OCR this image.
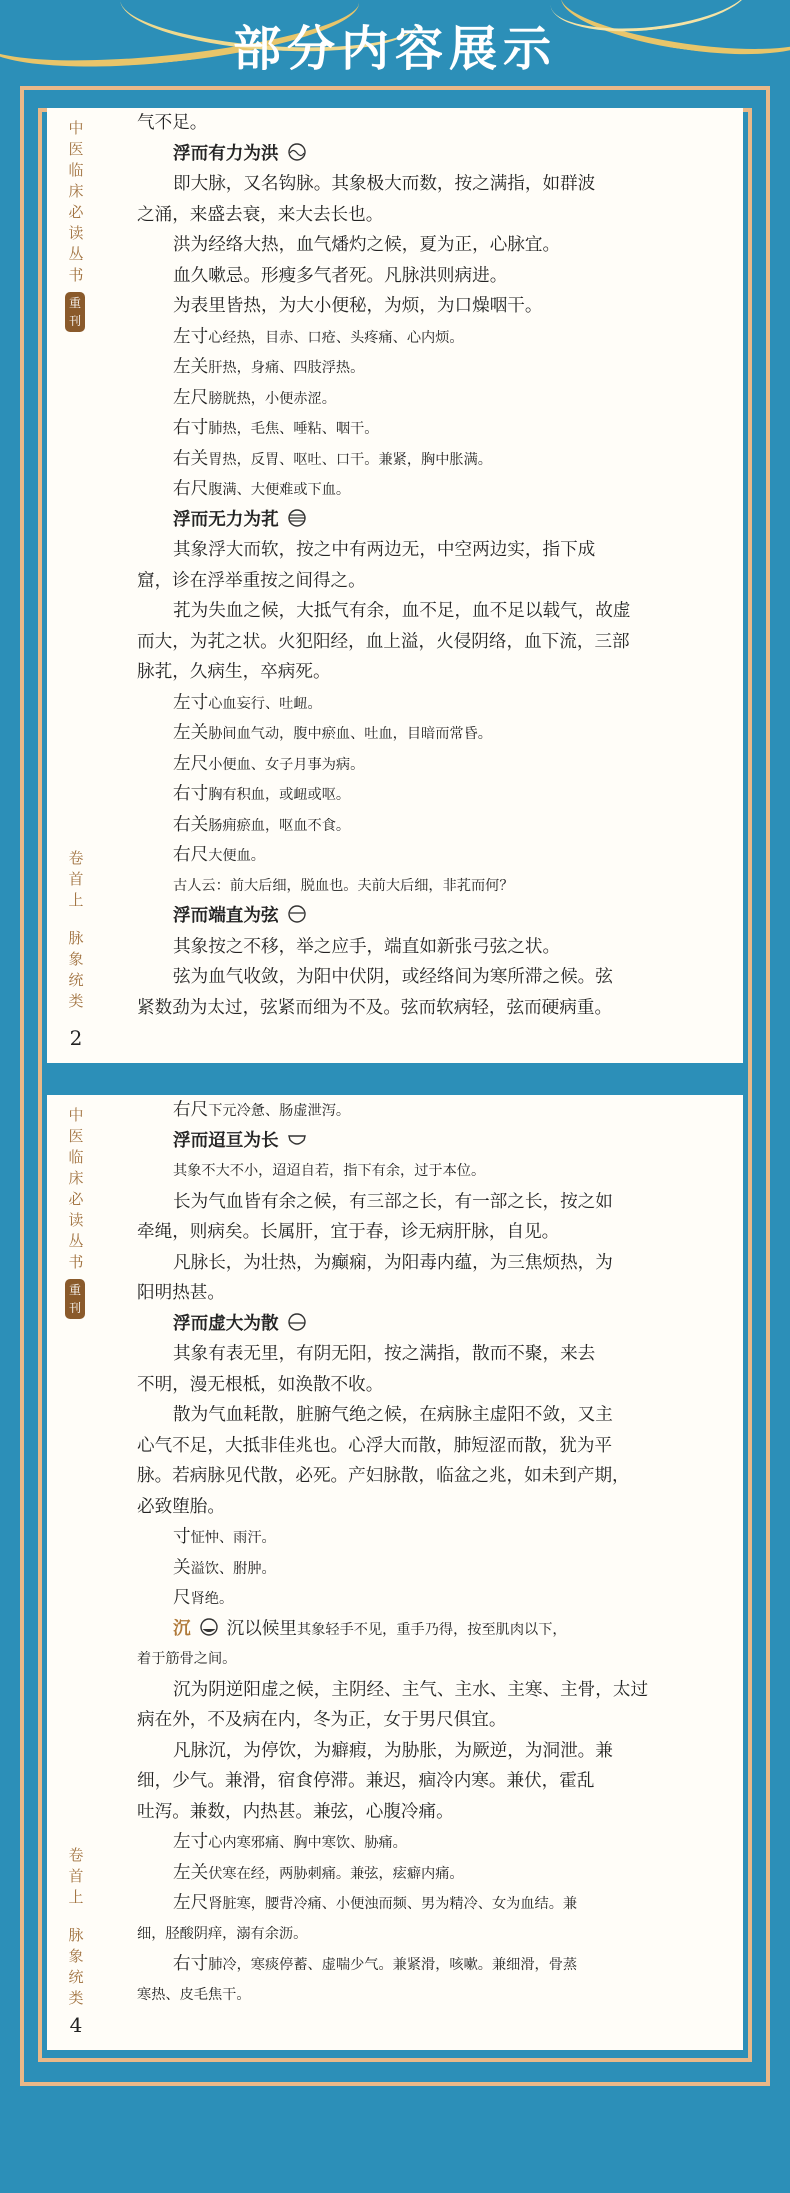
部分内容展示
中医临床必读丛书
重刊
卷首上
脉象统类
2
气不足。
浮而有力为洪
即大脉，又名钩脉。其象极大而数，按之满指，如群波
之涌，来盛去衰，来大去长也。
洪为经络大热，血气燔灼之候，夏为正，心脉宜。
血久嗽忌。形瘦多气者死。凡脉洪则病进。
为表里皆热，为大小便秘，为烦，为口燥咽干。
左寸心经热，目赤、口疮、头疼痛、心内烦。
左关肝热，身痛、四肢浮热。
左尺膀胱热，小便赤涩。
右寸肺热，毛焦、唾粘、咽干。
右关胃热，反胃、呕吐、口干。兼紧，胸中胀满。
右尺腹满、大便难或下血。
浮而无力为芤
其象浮大而软，按之中有两边无，中空两边实，指下成
窟，诊在浮举重按之间得之。
芤为失血之候，大抵气有余，血不足，血不足以载气，故虚
而大，为芤之状。火犯阳经，血上溢，火侵阴络，血下流，三部
脉芤，久病生，卒病死。
左寸心血妄行、吐衄。
左关胁间血气动，腹中瘀血、吐血，目暗而常昏。
左尺小便血、女子月事为病。
右寸胸有积血，或衄或呕。
右关肠痈瘀血，呕血不食。
右尺大便血。
古人云：前大后细，脱血也。夫前大后细，非芤而何？
浮而端直为弦
其象按之不移，举之应手，端直如新张弓弦之状。
弦为血气收敛，为阳中伏阴，或经络间为寒所滞之候。弦
紧数劲为太过，弦紧而细为不及。弦而软病轻，弦而硬病重。
中医临床必读丛书
重刊
卷首上
脉象统类
4
右尺下元冷惫、肠虚泄泻。
浮而迢亘为长
其象不大不小，迢迢自若，指下有余，过于本位。
长为气血皆有余之候，有三部之长，有一部之长，按之如
牵绳，则病矣。长属肝，宜于春，诊无病肝脉，自见。
凡脉长，为壮热，为癫痫，为阳毒内蕴，为三焦烦热，为
阳明热甚。
浮而虚大为散
其象有表无里，有阴无阳，按之满指，散而不聚，来去
不明，漫无根柢，如涣散不收。
散为气血耗散，脏腑气绝之候，在病脉主虚阳不敛，又主
心气不足，大抵非佳兆也。心浮大而散，肺短涩而散，犹为平
脉。若病脉见代散，必死。产妇脉散，临盆之兆，如未到产期，
必致堕胎。
寸怔忡、雨汗。
关溢饮、胕肿。
尺肾绝。
沉 沉以候里其象轻手不见，重手乃得，按至肌肉以下，
着于筋骨之间。
沉为阴逆阳虚之候，主阴经、主气、主水、主寒、主骨，太过
病在外，不及病在内，冬为正，女于男尺俱宜。
凡脉沉，为停饮，为癖瘕，为胁胀，为厥逆，为洞泄。兼
细，少气。兼滑，宿食停滞。兼迟，痼冷内寒。兼伏，霍乱
吐泻。兼数，内热甚。兼弦，心腹冷痛。
左寸心内寒邪痛、胸中寒饮、胁痛。
左关伏寒在经，两胁刺痛。兼弦，痃癖内痛。
左尺肾脏寒，腰背冷痛、小便浊而频、男为精冷、女为血结。兼
细，胫酸阴痒，溺有余沥。
右寸肺冷，寒痰停蓄、虚喘少气。兼紧滑，咳嗽。兼细滑，骨蒸
寒热、皮毛焦干。
